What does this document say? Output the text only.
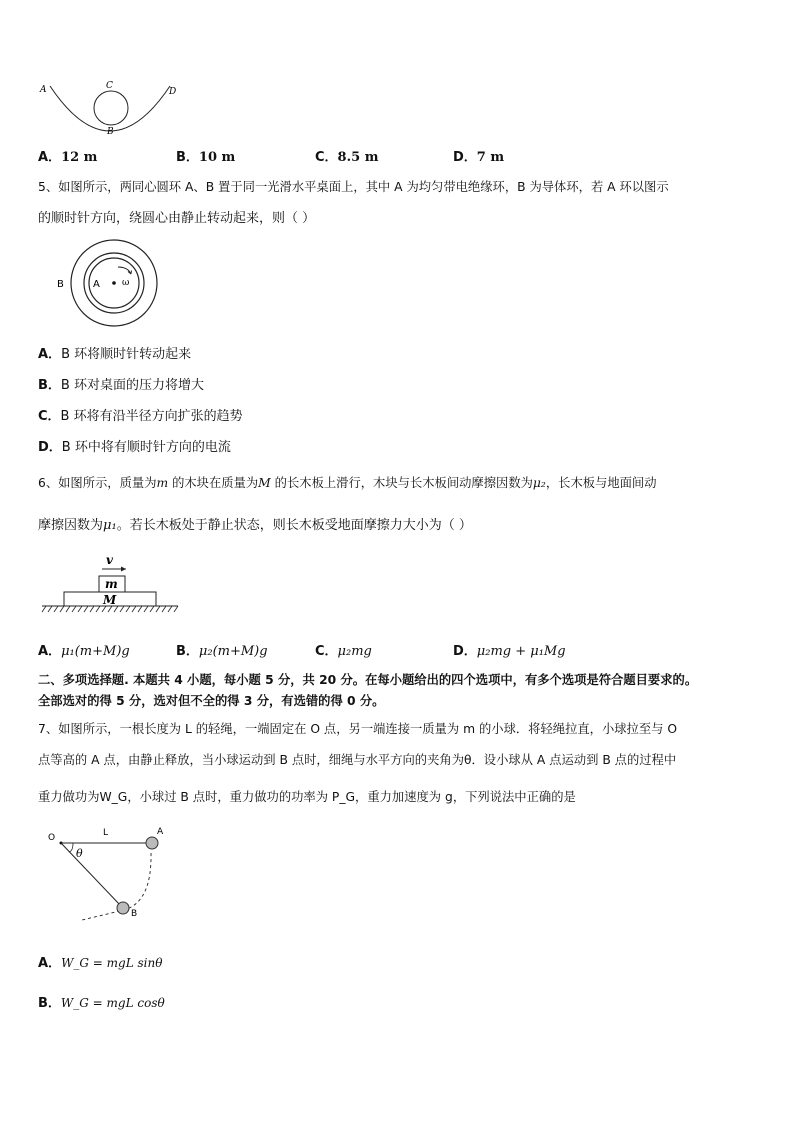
A	C
D
B
A．12 m	B．10 m	C．8.5 m	D．7 m
5、如图所示，两同心圆环 A、B 置于同一光滑水平桌面上，其中 A 为均匀带电绝缘环，B 为导体环，若 A 环以图示
的顺时针方向，绕圆心由静止转动起来，则（ ）
B	A ω
A．B 环将顺时针转动起来
B．B 环对桌面的压力将增大
C．B 环将有沿半径方向扩张的趋势
D．B 环中将有顺时针方向的电流
6、如图所示，质量为m 的木块在质量为M 的长木板上滑行，木块与长木板间动摩擦因数为μ₂，长木板与地面间动
摩擦因数为μ₁。若长木板处于静止状态，则长木板受地面摩擦力大小为（ ）
v
m
M
A．μ₁(m+M)g	B．μ₂(m+M)g	C．μ₂mg	D．μ₂mg + μ₁Mg
二、多项选择题. 本题共 4 小题，每小题 5 分，共 20 分。在每小题给出的四个选项中，有多个选项是符合题目要求的。
全部选对的得 5 分，选对但不全的得 3 分，有选错的得 0 分。
7、如图所示，一根长度为 L 的轻绳，一端固定在 O 点，另一端连接一质量为 m 的小球．将轻绳拉直，小球拉至与 O
点等高的 A 点，由静止释放，当小球运动到 B 点时，细绳与水平方向的夹角为θ．设小球从 A 点运动到 B 点的过程中
重力做功为W_G，小球过 B 点时，重力做功的功率为 P_G，重力加速度为 g，下列说法中正确的是
O	L	A
θ
B
A．W_G = mgL sinθ
B．W_G = mgL cosθ
